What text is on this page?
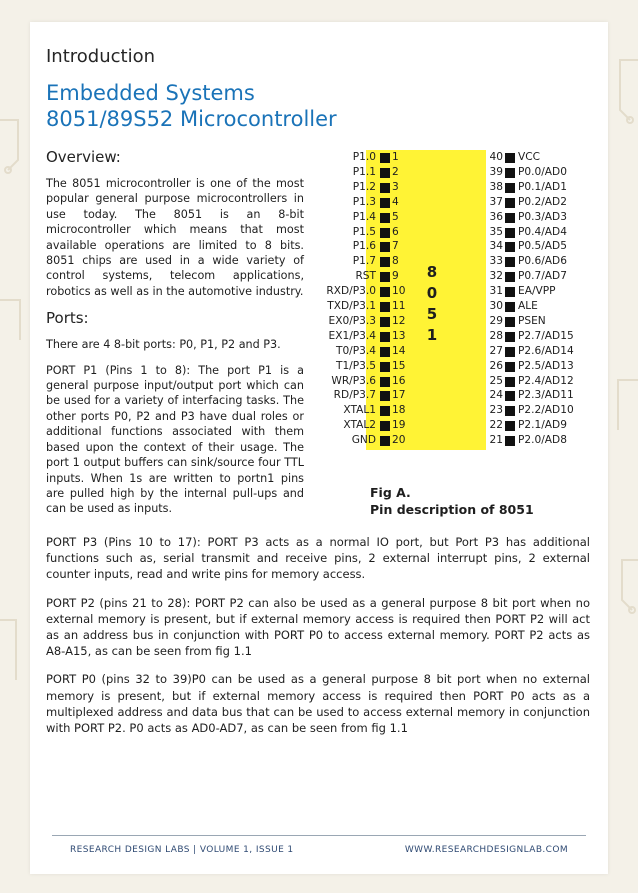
Introduction
Embedded Systems
8051/89S52 Microcontroller
Overview:

The 8051 microcontroller is one of the most popular general purpose microcontrollers in use today. The 8051 is an 8-bit microcontroller which means that most available operations are limited to 8 bits. 8051 chips are used in a wide variety of control systems, telecom applications, robotics as well as in the automotive industry.

Ports:

There are 4 8-bit ports: P0, P1, P2 and P3.

PORT P1 (Pins 1 to 8): The port P1 is a general purpose input/output port which can be used for a variety of interfacing tasks. The other ports P0, P2 and P3 have dual roles or additional functions associated with them based upon the context of their usage. The port 1 output buffers can sink/source four TTL inputs. When 1s are written to portn1 pins are pulled high by the internal pull-ups and can be used as inputs.

PORT P3 (Pins 10 to 17): PORT P3 acts as a normal IO port, but Port P3 has additional functions such as, serial transmit and receive pins, 2 external interrupt pins, 2 external counter inputs, read and write pins for memory access.

PORT P2 (pins 21 to 28): PORT P2 can also be used as a general purpose 8 bit port when no external memory is present, but if external memory access is required then PORT P2 will act as an address bus in conjunction with PORT P0 to access external memory. PORT P2 acts as A8-A15, as can be seen from fig 1.1

PORT P0 (pins 32 to 39)P0 can be used as a general purpose 8 bit port when no external memory is present, but if external memory access is required then PORT P0 acts as a multiplexed address and data bus that can be used to access external memory in conjunction with PORT P2. P0 acts as AD0-AD7, as can be seen from fig 1.1

Fig A.
Pin description of 8051
RESEARCH DESIGN LABS | VOLUME 1, ISSUE 1	WWW.RESEARCHDESIGNLAB.COM
P1.0 1	40 VCC
P1.1 2	39 P0.0/AD0
P1.2 3	38 P0.1/AD1
P1.3 4	37 P0.2/AD2
P1.4 5	36 P0.3/AD3
P1.5 6	35 P0.4/AD4
P1.6 7	34 P0.5/AD5
P1.7 8	33 P0.6/AD6
RST 9	32 P0.7/AD7
RXD/P3.0 10	31 EA/VPP
TXD/P3.1 11	30 ALE
EX0/P3.3 12	29 PSEN
EX1/P3.4 13	28 P2.7/AD15
T0/P3.4 14	27 P2.6/AD14
T1/P3.5 15	26 P2.5/AD13
WR/P3.6 16	25 P2.4/AD12
RD/P3.7 17	24 P2.3/AD11
XTAL1 18	23 P2.2/AD10
XTAL2 19	22 P2.1/AD9
GND 20	21 P2.0/AD8
8
0
5
1
